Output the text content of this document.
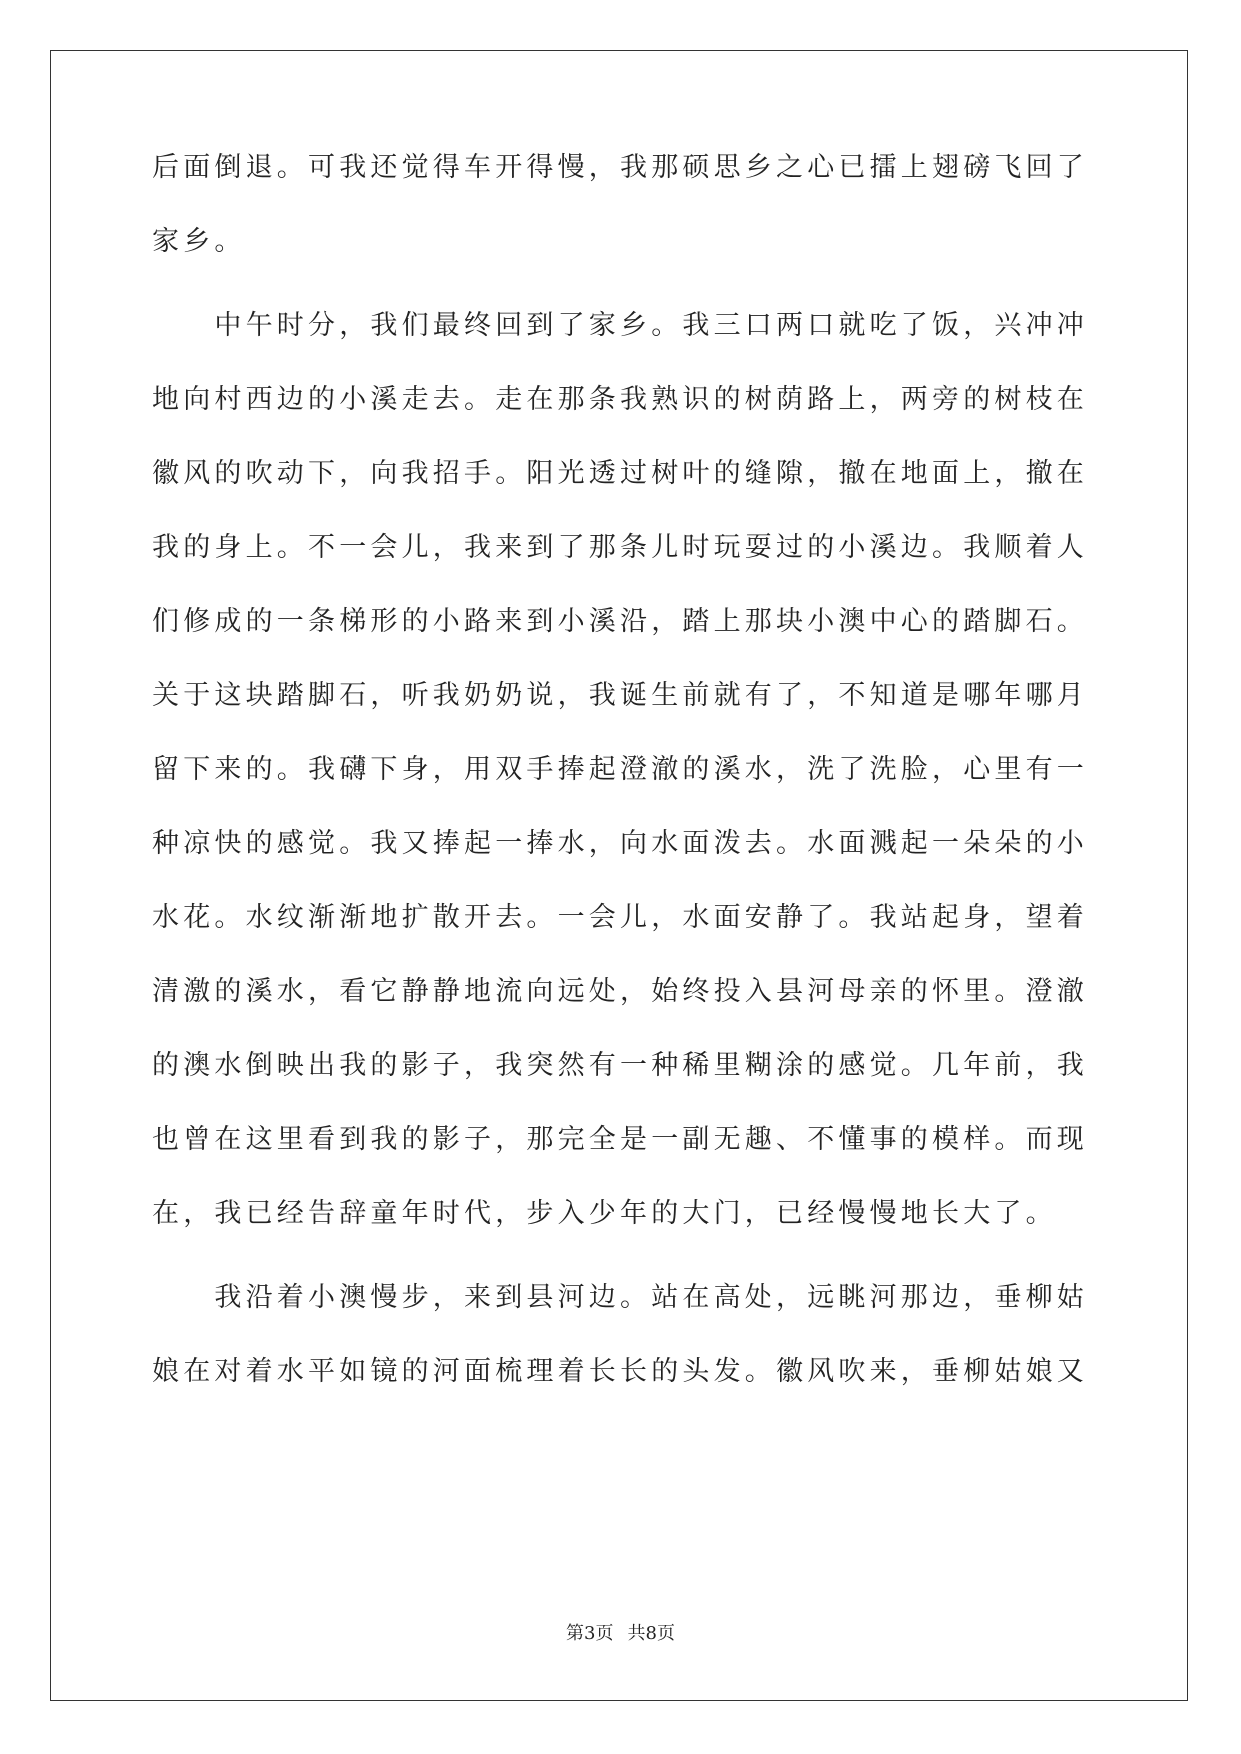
后面倒退。可我还觉得车开得慢，我那硕思乡之心已擂上翅磅飞回了
家乡。
　　中午时分，我们最终回到了家乡。我三口两口就吃了饭，兴冲冲
地向村西边的小溪走去。走在那条我熟识的树荫路上，两旁的树枝在
徽风的吹动下，向我招手。阳光透过树叶的缝隙，撤在地面上，撤在
我的身上。不一会儿，我来到了那条儿时玩耍过的小溪边。我顺着人
们修成的一条梯形的小路来到小溪沿，踏上那块小澳中心的踏脚石。
关于这块踏脚石，听我奶奶说，我诞生前就有了，不知道是哪年哪月
留下来的。我礴下身，用双手捧起澄澈的溪水，洗了洗脸，心里有一
种凉快的感觉。我又捧起一捧水，向水面泼去。水面溅起一朵朵的小
水花。水纹渐渐地扩散开去。一会儿，水面安静了。我站起身，望着
清激的溪水，看它静静地流向远处，始终投入县河母亲的怀里。澄澈
的澳水倒映出我的影子，我突然有一种稀里糊涂的感觉。几年前，我
也曾在这里看到我的影子，那完全是一副无趣、不懂事的模样。而现
在，我已经告辞童年时代，步入少年的大门，已经慢慢地长大了。
　　我沿着小澳慢步，来到县河边。站在高处，远眺河那边，垂柳姑
娘在对着水平如镜的河面梳理着长长的头发。徽风吹来，垂柳姑娘又
第3页 共8页
